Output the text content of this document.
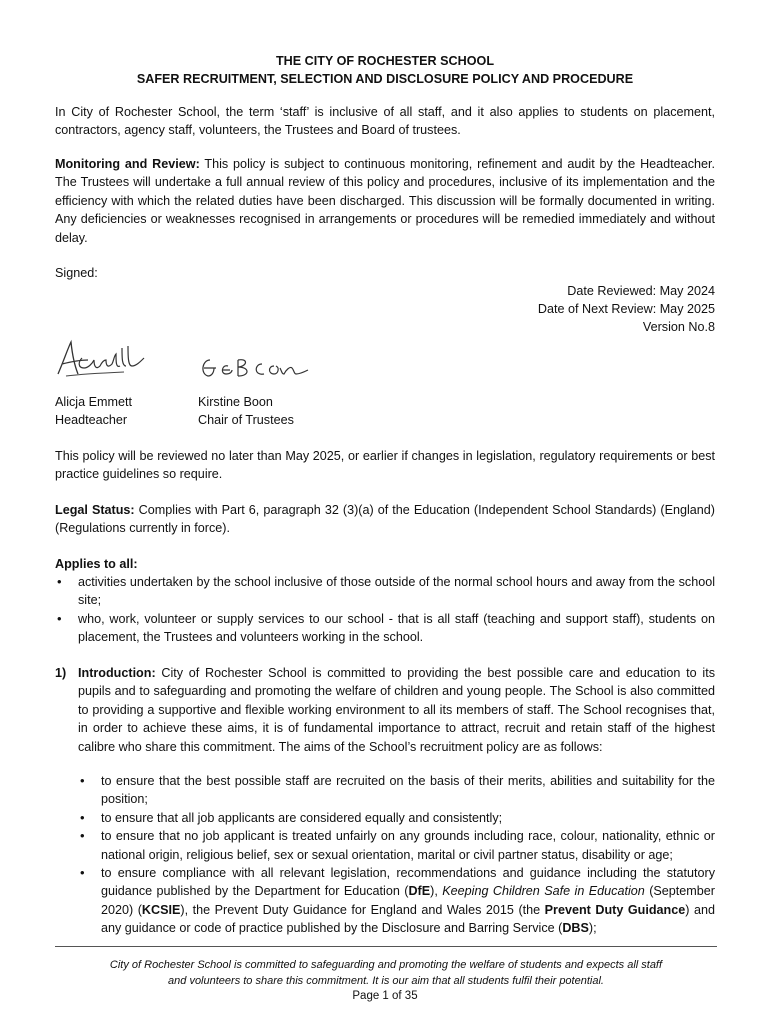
THE CITY OF ROCHESTER SCHOOL
SAFER RECRUITMENT, SELECTION AND DISCLOSURE POLICY AND PROCEDURE
In City of Rochester School, the term ‘staff’ is inclusive of all staff, and it also applies to students on placement, contractors, agency staff, volunteers, the Trustees and Board of trustees.
Monitoring and Review: This policy is subject to continuous monitoring, refinement and audit by the Headteacher. The Trustees will undertake a full annual review of this policy and procedures, inclusive of its implementation and the efficiency with which the related duties have been discharged. This discussion will be formally documented in writing. Any deficiencies or weaknesses recognised in arrangements or procedures will be remedied immediately and without delay.
Signed:
Date Reviewed: May 2024
Date of Next Review: May 2025
Version No.8
Alicja Emmett
Headteacher
Kirstine Boon
Chair of Trustees
This policy will be reviewed no later than May 2025, or earlier if changes in legislation, regulatory requirements or best practice guidelines so require.
Legal Status: Complies with Part 6, paragraph 32 (3)(a) of the Education (Independent School Standards) (England) (Regulations currently in force).
Applies to all:
• activities undertaken by the school inclusive of those outside of the normal school hours and away from the school site;
• who, work, volunteer or supply services to our school - that is all staff (teaching and support staff), students on placement, the Trustees and volunteers working in the school.
1) Introduction: City of Rochester School is committed to providing the best possible care and education to its pupils and to safeguarding and promoting the welfare of children and young people. The School is also committed to providing a supportive and flexible working environment to all its members of staff. The School recognises that, in order to achieve these aims, it is of fundamental importance to attract, recruit and retain staff of the highest calibre who share this commitment. The aims of the School’s recruitment policy are as follows:
• to ensure that the best possible staff are recruited on the basis of their merits, abilities and suitability for the position;
• to ensure that all job applicants are considered equally and consistently;
• to ensure that no job applicant is treated unfairly on any grounds including race, colour, nationality, ethnic or national origin, religious belief, sex or sexual orientation, marital or civil partner status, disability or age;
• to ensure compliance with all relevant legislation, recommendations and guidance including the statutory guidance published by the Department for Education (DfE), Keeping Children Safe in Education (September 2020) (KCSIE), the Prevent Duty Guidance for England and Wales 2015 (the Prevent Duty Guidance) and any guidance or code of practice published by the Disclosure and Barring Service (DBS);
City of Rochester School is committed to safeguarding and promoting the welfare of students and expects all staff
and volunteers to share this commitment. It is our aim that all students fulfil their potential.
Page 1 of 35
